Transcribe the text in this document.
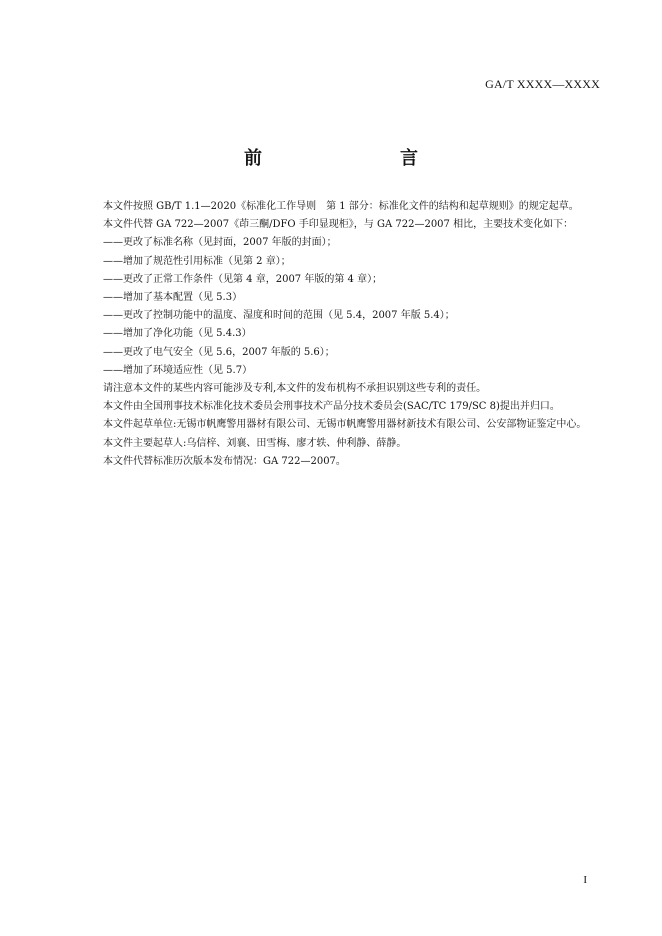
GA/T XXXX—XXXX
前　　言

本文件按照 GB/T 1.1—2020《标准化工作导则　第 1 部分：标准化文件的结构和起草规则》的规定起草。

本文件代替 GA 722—2007《茚三酮/DFO 手印显现柜》，与 GA 722—2007 相比，主要技术变化如下：

——更改了标准名称（见封面，2007 年版的封面）；

——增加了规范性引用标准（见第 2 章）；

——更改了正常工作条件（见第 4 章，2007 年版的第 4 章）；

——增加了基本配置（见 5.3）

——更改了控制功能中的温度、湿度和时间的范围（见 5.4，2007 年版 5.4）；

——增加了净化功能（见 5.4.3）

——更改了电气安全（见 5.6，2007 年版的 5.6）；

——增加了环境适应性（见 5.7）

请注意本文件的某些内容可能涉及专利,本文件的发布机构不承担识别这些专利的责任。

本文件由全国刑事技术标准化技术委员会刑事技术产品分技术委员会(SAC/TC 179/SC 8)提出并归口。

本文件起草单位:无锡市帆鹰警用器材有限公司、无锡市帆鹰警用器材新技术有限公司、公安部物证鉴定中心。

本文件主要起草人:乌信梓、刘襄、田雪梅、廖才轶、仲利静、薛静。

本文件代替标准历次版本发布情况：GA 722—2007。

I
